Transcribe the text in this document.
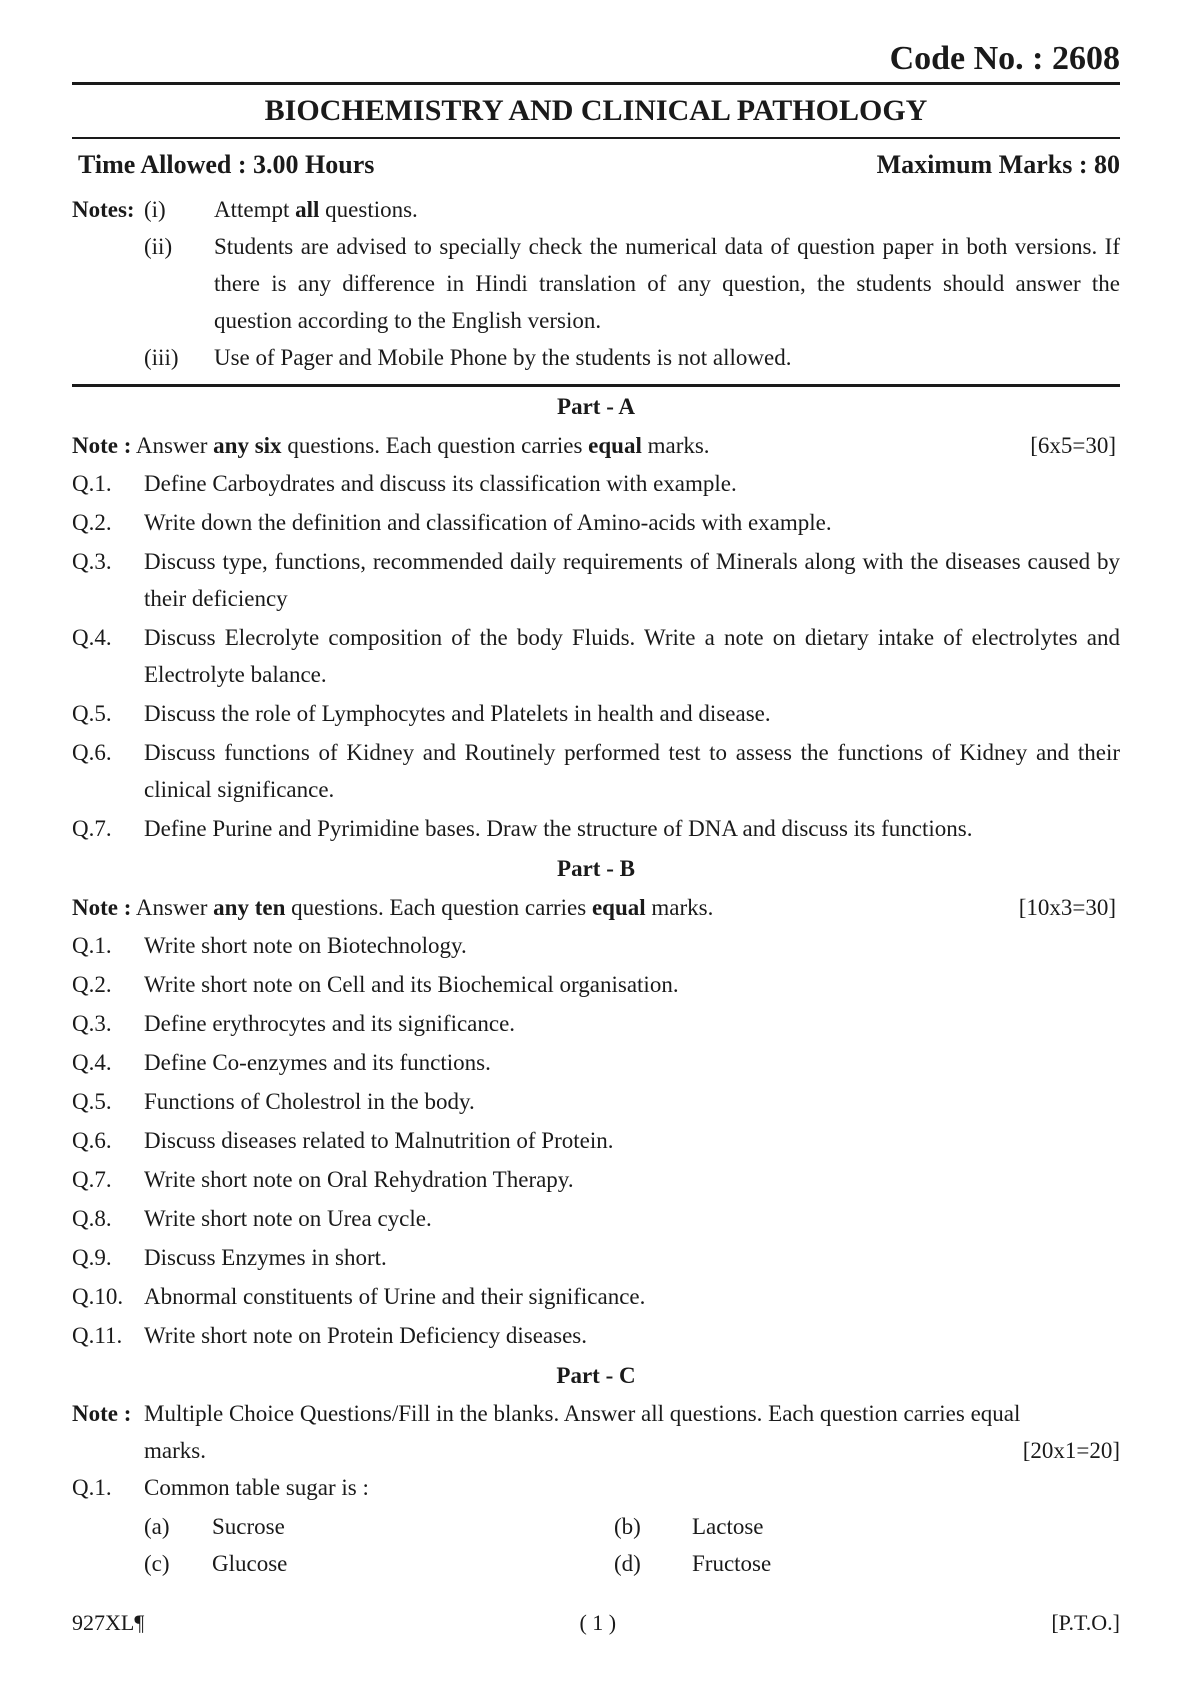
Code No. : 2608
BIOCHEMISTRY AND CLINICAL PATHOLOGY
Time Allowed : 3.00 Hours	Maximum Marks : 80
Notes: (i)	Attempt all questions.
(ii)	Students are advised to specially check the numerical data of question paper in both versions. If there is any difference in Hindi translation of any question, the students should answer the question according to the English version.
(iii)	Use of Pager and Mobile Phone by the students is not allowed.
Part - A
Note : Answer any six questions. Each question carries equal marks.	[6x5=30]
Q.1.	Define Carboydrates and discuss its classification with example.
Q.2.	Write down the definition and classification of Amino-acids with example.
Q.3.	Discuss type, functions, recommended daily requirements of Minerals along with the diseases caused by their deficiency
Q.4.	Discuss Elecrolyte composition of the body Fluids. Write a note on dietary intake of electrolytes and Electrolyte balance.
Q.5.	Discuss the role of Lymphocytes and Platelets in health and disease.
Q.6.	Discuss functions of Kidney and Routinely performed test to assess the functions of Kidney and their clinical significance.
Q.7.	Define Purine and Pyrimidine bases. Draw the structure of DNA and discuss its functions.
Part - B
Note : Answer any ten questions. Each question carries equal marks.	[10x3=30]
Q.1.	Write short note on Biotechnology.
Q.2.	Write short note on Cell and its Biochemical organisation.
Q.3.	Define erythrocytes and its significance.
Q.4.	Define Co-enzymes and its functions.
Q.5.	Functions of Cholestrol in the body.
Q.6.	Discuss diseases related to Malnutrition of Protein.
Q.7.	Write short note on Oral Rehydration Therapy.
Q.8.	Write short note on Urea cycle.
Q.9.	Discuss Enzymes in short.
Q.10. Abnormal constituents of Urine and their significance.
Q.11. Write short note on Protein Deficiency diseases.
Part - C
Note : Multiple Choice Questions/Fill in the blanks. Answer all questions. Each question carries equal
marks.	[20x1=20]
Q.1.	Common table sugar is :
(a)	Sucrose	(b)	Lactose
(c)	Glucose	(d)	Fructose
927XL¶	( 1 )	[P.T.O.]
